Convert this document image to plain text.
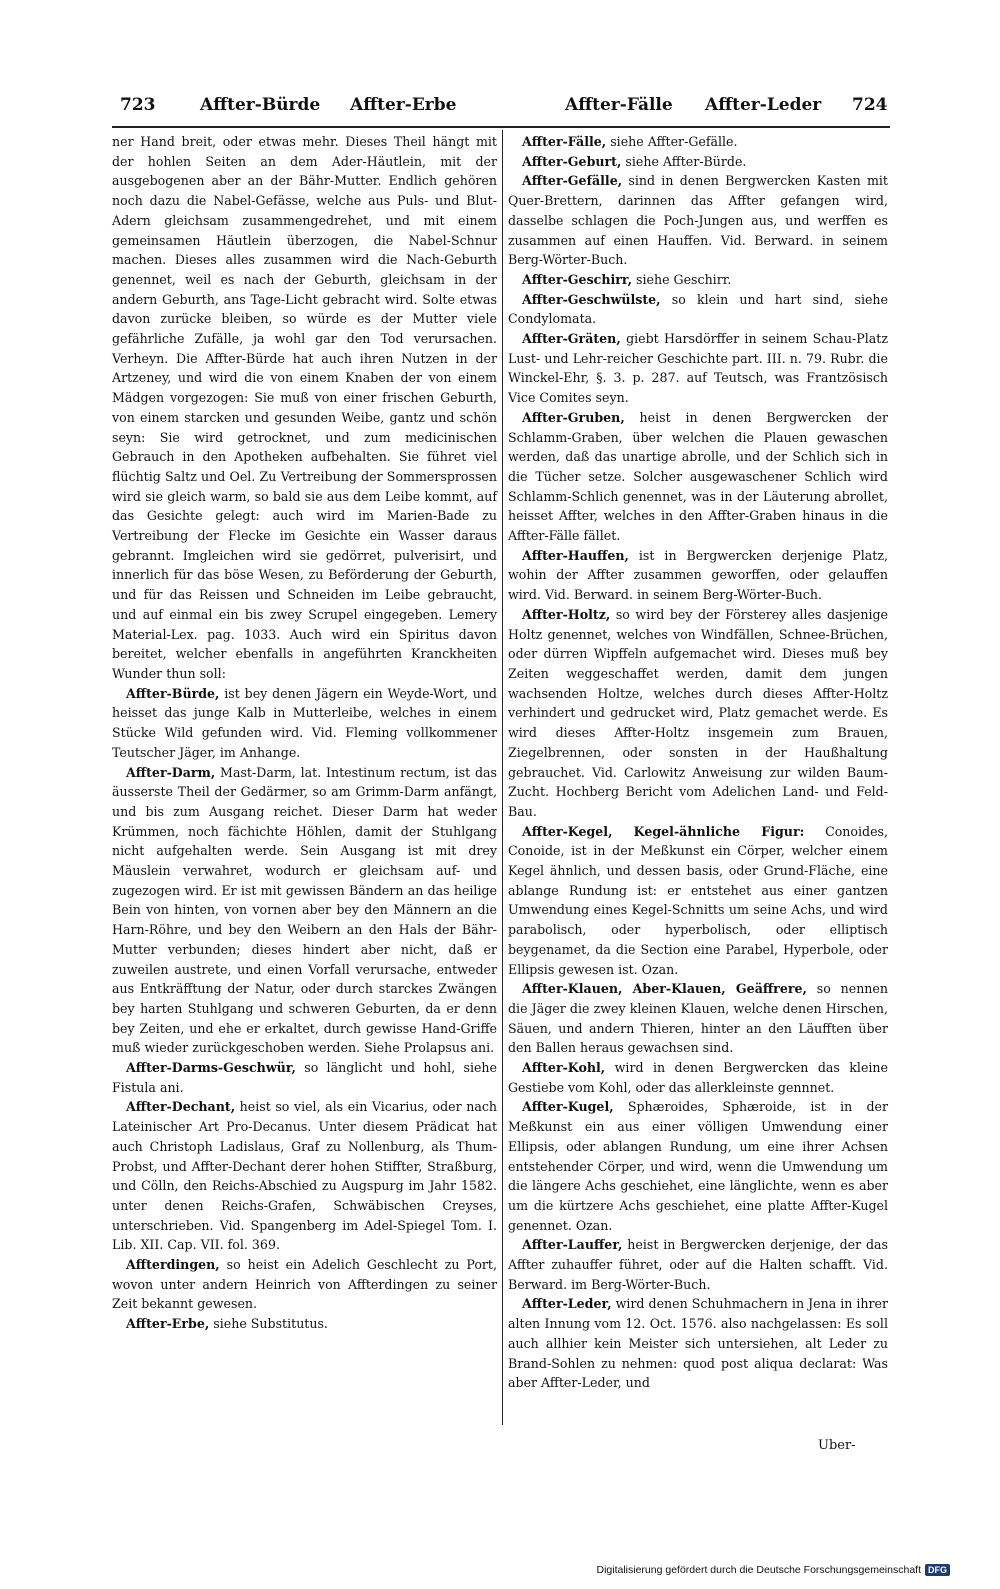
723	Affter-Bürde Affter-Erbe	Affter-Fälle Affter-Leder 724

ner Hand breit, oder etwas mehr. Dieses Theil hängt mit der hohlen Seiten an dem Ader-Häutlein, mit der ausgebogenen aber an der Bähr-Mutter. Endlich gehören noch dazu die Nabel-Gefässe, welche aus Puls- und Blut-Adern gleichsam zusammengedrehet, und mit einem gemeinsamen Häutlein überzogen, die Nabel-Schnur machen. Dieses alles zusammen wird die Nach-Geburth genennet, weil es nach der Geburth, gleichsam in der andern Geburth, ans Tage-Licht gebracht wird. Solte etwas davon zurücke bleiben, so würde es der Mutter viele gefährliche Zufälle, ja wohl gar den Tod verursachen. Verheyn. Die Affter-Bürde hat auch ihren Nutzen in der Artzeney, und wird die von einem Knaben der von einem Mädgen vorgezogen: Sie muß von einer frischen Geburth, von einem starcken und gesunden Weibe, gantz und schön seyn: Sie wird getrocknet, und zum medicinischen Gebrauch in den Apotheken aufbehalten. Sie führet viel flüchtig Saltz und Oel. Zu Vertreibung der Sommersprossen wird sie gleich warm, so bald sie aus dem Leibe kommt, auf das Gesichte gelegt: auch wird im Marien-Bade zu Vertreibung der Flecke im Gesichte ein Wasser daraus gebrannt. Imgleichen wird sie gedörret, pulverisirt, und innerlich für das böse Wesen, zu Beförderung der Geburth, und für das Reissen und Schneiden im Leibe gebraucht, und auf einmal ein bis zwey Scrupel eingegeben. Lemery Material-Lex. pag. 1033. Auch wird ein Spiritus davon bereitet, welcher ebenfalls in angeführten Kranckheiten Wunder thun soll:

Affter-Bürde, ist bey denen Jägern ein Weyde-Wort, und heisset das junge Kalb in Mutterleibe, welches in einem Stücke Wild gefunden wird. Vid. Fleming vollkommener Teutscher Jäger, im Anhange.

Affter-Darm, Mast-Darm, lat. Intestinum rectum, ist das äusserste Theil der Gedärmer, so am Grimm-Darm anfängt, und bis zum Ausgang reichet. Dieser Darm hat weder Krümmen, noch fächichte Höhlen, damit der Stuhlgang nicht aufgehalten werde. Sein Ausgang ist mit drey Mäuslein verwahret, wodurch er gleichsam auf- und zugezogen wird. Er ist mit gewissen Bändern an das heilige Bein von hinten, von vornen aber bey den Männern an die Harn-Röhre, und bey den Weibern an den Hals der Bähr-Mutter verbunden; dieses hindert aber nicht, daß er zuweilen austrete, und einen Vorfall verursache, entweder aus Entkräfftung der Natur, oder durch starckes Zwängen bey harten Stuhlgang und schweren Geburten, da er denn bey Zeiten, und ehe er erkaltet, durch gewisse Hand-Griffe muß wieder zurückgeschoben werden. Siehe Prolapsus ani.

Affter-Darms-Geschwür, so länglicht und hohl, siehe Fistula ani.

Affter-Dechant, heist so viel, als ein Vicarius, oder nach Lateinischer Art Pro-Decanus. Unter diesem Prädicat hat auch Christoph Ladislaus, Graf zu Nollenburg, als Thum-Probst, und Affter-Dechant derer hohen Stiffter, Straßburg, und Cölln, den Reichs-Abschied zu Augspurg im Jahr 1582. unter denen Reichs-Grafen, Schwäbischen Creyses, unterschrieben. Vid. Spangenberg im Adel-Spiegel Tom. I. Lib. XII. Cap. VII. fol. 369.

Affterdingen, so heist ein Adelich Geschlecht zu Port, wovon unter andern Heinrich von Affterdingen zu seiner Zeit bekannt gewesen.

Affter-Erbe, siehe Substitutus.

Affter-Fälle, siehe Affter-Gefälle.

Affter-Geburt, siehe Affter-Bürde.

Affter-Gefälle, sind in denen Bergwercken Kasten mit Quer-Brettern, darinnen das Affter gefangen wird, dasselbe schlagen die Poch-Jungen aus, und werffen es zusammen auf einen Hauffen. Vid. Berward. in seinem Berg-Wörter-Buch.

Affter-Geschirr, siehe Geschirr.

Affter-Geschwülste, so klein und hart sind, siehe Condylomata.

Affter-Gräten, giebt Harsdörffer in seinem Schau-Platz Lust- und Lehr-reicher Geschichte part. III. n. 79. Rubr. die Winckel-Ehr, §. 3. p. 287. auf Teutsch, was Frantzösisch Vice Comites seyn.

Affter-Gruben, heist in denen Bergwercken der Schlamm-Graben, über welchen die Plauen gewaschen werden, daß das unartige abrolle, und der Schlich sich in die Tücher setze. Solcher ausgewaschener Schlich wird Schlamm-Schlich genennet, was in der Läuterung abrollet, heisset Affter, welches in den Affter-Graben hinaus in die Affter-Fälle fället.

Affter-Hauffen, ist in Bergwercken derjenige Platz, wohin der Affter zusammen geworffen, oder gelauffen wird. Vid. Berward. in seinem Berg-Wörter-Buch.

Affter-Holtz, so wird bey der Försterey alles dasjenige Holtz genennet, welches von Windfällen, Schnee-Brüchen, oder dürren Wipffeln aufgemachet wird. Dieses muß bey Zeiten weggeschaffet werden, damit dem jungen wachsenden Holtze, welches durch dieses Affter-Holtz verhindert und gedrucket wird, Platz gemachet werde. Es wird dieses Affter-Holtz insgemein zum Brauen, Ziegelbrennen, oder sonsten in der Haußhaltung gebrauchet. Vid. Carlowitz Anweisung zur wilden Baum-Zucht. Hochberg Bericht vom Adelichen Land- und Feld-Bau.

Affter-Kegel, Kegel-ähnliche Figur: Conoides, Conoide, ist in der Meßkunst ein Cörper, welcher einem Kegel ähnlich, und dessen basis, oder Grund-Fläche, eine ablange Rundung ist: er entstehet aus einer gantzen Umwendung eines Kegel-Schnitts um seine Achs, und wird parabolisch, oder hyperbolisch, oder elliptisch beygenamet, da die Section eine Parabel, Hyperbole, oder Ellipsis gewesen ist. Ozan.

Affter-Klauen, Aber-Klauen, Geäffrere, so nennen die Jäger die zwey kleinen Klauen, welche denen Hirschen, Säuen, und andern Thieren, hinter an den Läufften über den Ballen heraus gewachsen sind.

Affter-Kohl, wird in denen Bergwercken das kleine Gestiebe vom Kohl, oder das allerkleinste gennnet.

Affter-Kugel, Sphæroides, Sphæroide, ist in der Meßkunst ein aus einer völligen Umwendung einer Ellipsis, oder ablangen Rundung, um eine ihrer Achsen entstehender Cörper, und wird, wenn die Umwendung um die längere Achs geschiehet, eine länglichte, wenn es aber um die kürtzere Achs geschiehet, eine platte Affter-Kugel genennet. Ozan.

Affter-Lauffer, heist in Bergwercken derjenige, der das Affter zuhauffer führet, oder auf die Halten schafft. Vid. Berward. im Berg-Wörter-Buch.

Affter-Leder, wird denen Schuhmachern in Jena in ihrer alten Innung vom 12. Oct. 1576. also nachgelassen: Es soll auch allhier kein Meister sich untersiehen, alt Leder zu Brand-Sohlen zu nehmen: quod post aliqua declarat: Was aber Affter-Leder, und

Uber-
Digitalisierung gefördert durch die Deutsche Forschungsgemeinschaft DFG
